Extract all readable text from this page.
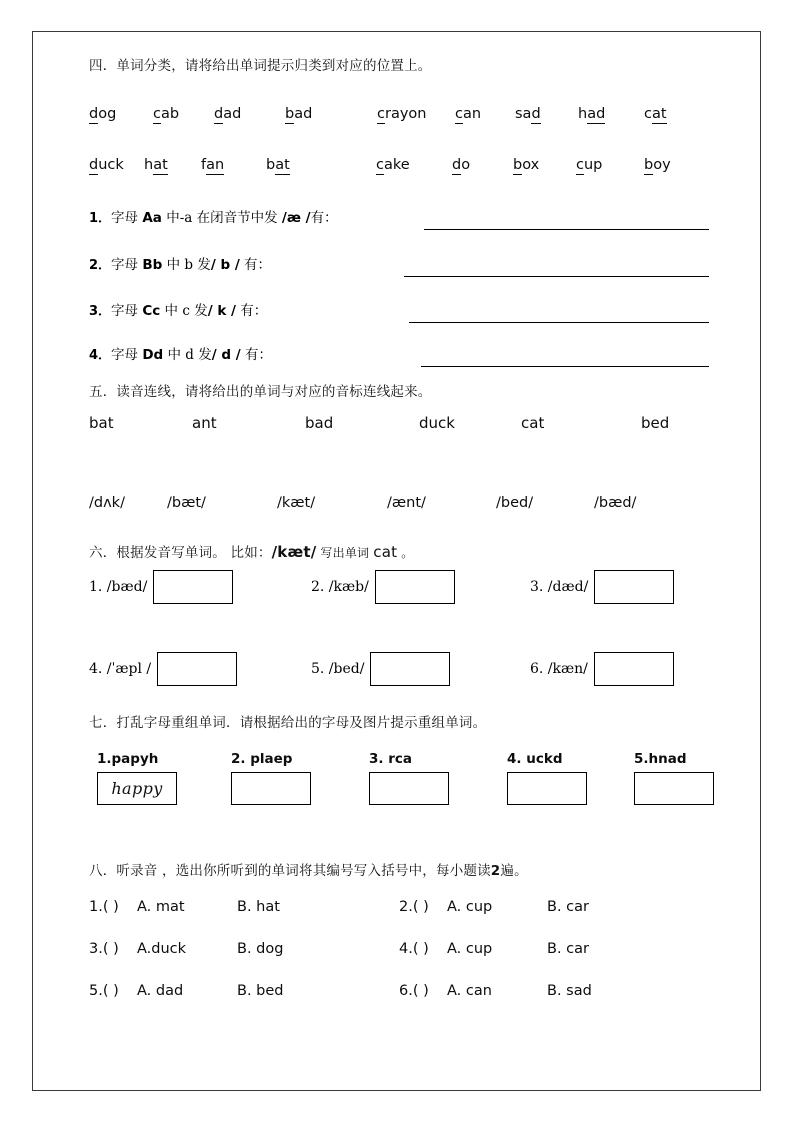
四．单词分类，请将给出单词提示归类到对应的位置上。
dog	cab dad	bad	crayon can sad	had	cat
duck hat fan	bat	cake	do	box	cup	boy
1．字母 Aa 中-a 在闭音节中发 /æ /有：
2．字母 Bb 中 b 发/ b / 有：
3．字母 Cc 中 c 发/ k / 有：
4．字母 Dd 中 d 发/ d / 有：
五．读音连线，请将给出的单词与对应的音标连线起来。
bat	ant	bad	duck	cat	bed
/dʌk/	/bæt/	/kæt/	/ænt/	/bed/	/bæd/
六．根据发音写单词。 比如：/kæt/ 写出单词 cat 。
1. /bæd/	2. /kæb/	3. /dæd/
4. /ˈæpl /	5. /bed/	6. /kæn/
七．打乱字母重组单词．请根据给出的字母及图片提示重组单词。
1.papyh
happy
2. plaep	3. rca	4. uckd	5.hnad
八．听录音 ，选出你所听到的单词将其编号写入括号中，每小题读2遍。
1.( ) A. mat	B. hat	2.( ) A. cup	B. car
3.( ) A.duck	B. dog	4.( ) A. cup	B. car
5.( ) A. dad	B. bed	6.( ) A. can	B. sad
